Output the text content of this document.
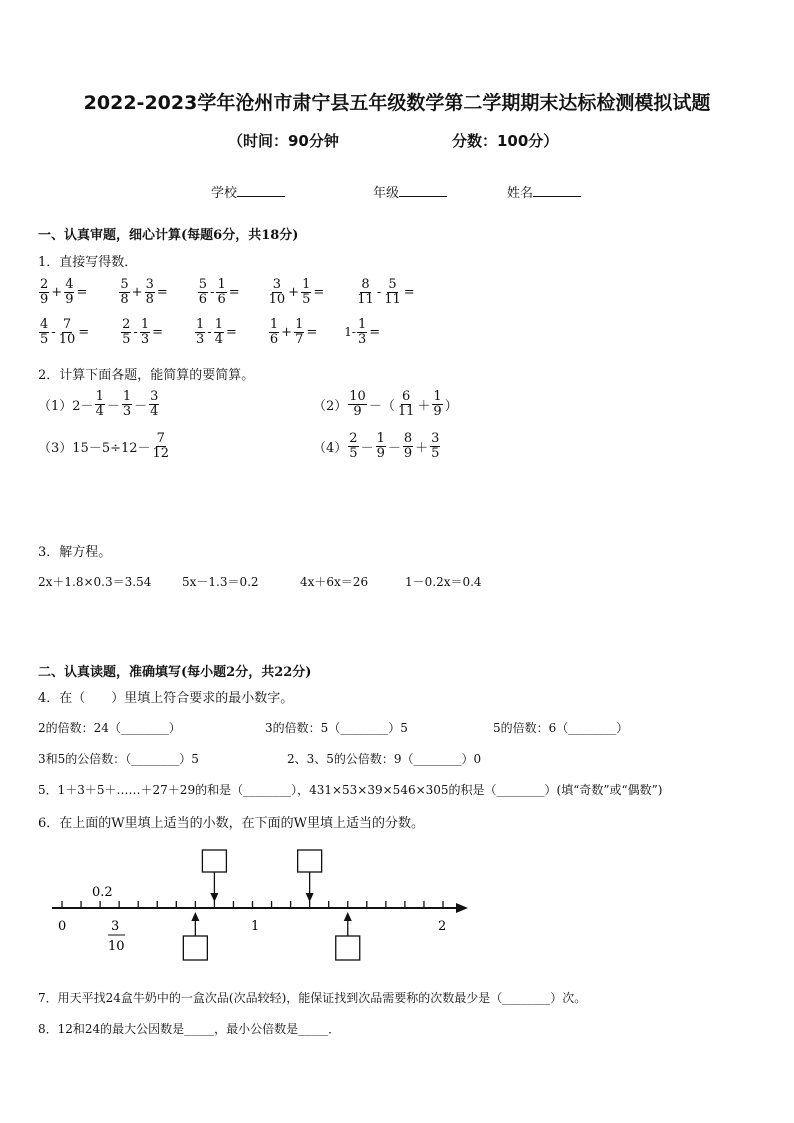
2022-2023学年沧州市肃宁县五年级数学第二学期期末达标检测模拟试题
（时间：90分钟	分数：100分）
学校	年级	姓名
一、认真审题，细心计算(每题6分，共18分)
1．直接写得数．
$\frac{2}{9} + \frac{4}{9} = \frac{5}{8} + \frac{3}{8} = \frac{5}{6} - \frac{1}{6} = \frac{3}{10} + \frac{1}{5} = \frac{8}{11} - \frac{5}{11}$ =
$\frac{4}{5} - \frac{7}{10} = \frac{2}{5} - \frac{1}{3} = \frac{1}{3} - \frac{1}{4} = \frac{1}{6} + \frac{1}{7} = 1- \frac{1}{3}$ =
2．计算下面各题，能简算的要简算。
（1） $2- \frac{1}{4} - \frac{1}{3} - \frac{3}{4}$	$(2) \frac{10}{9}$ －（ $\frac{6}{11} + \frac{1}{9}$ ）
（3） $15-5\div 12- \frac{7}{12}$	$(4) \frac{2}{5} - \frac{1}{9} - \frac{8}{9} + \frac{3}{5}$
3．解方程。
2x＋1.8×0.3＝3.54	5x－1.3＝0.2	4x＋6x＝26	1－0.2x＝0.4
二、认真读题，准确填写(每小题2分，共22分)
4．在（　　）里填上符合要求的最小数字。
2的倍数：24（________）	3的倍数：5（________）5	5的倍数：6（________）
3和5的公倍数：（________）5	2、3、5的公倍数：9（________）0
5．1＋3＋5＋……＋27＋29的和是（________），431×53×39×546×305的积是（________）(填“奇数”或“偶数”)
6．在上面的W里填上适当的小数，在下面的W里填上适当的分数。
0.2
0	1	2
3
10
7．用天平找24盒牛奶中的一盒次品(次品较轻)，能保证找到次品需要称的次数最少是（________）次。
8．12和24的最大公因数是_____，最小公倍数是_____．
